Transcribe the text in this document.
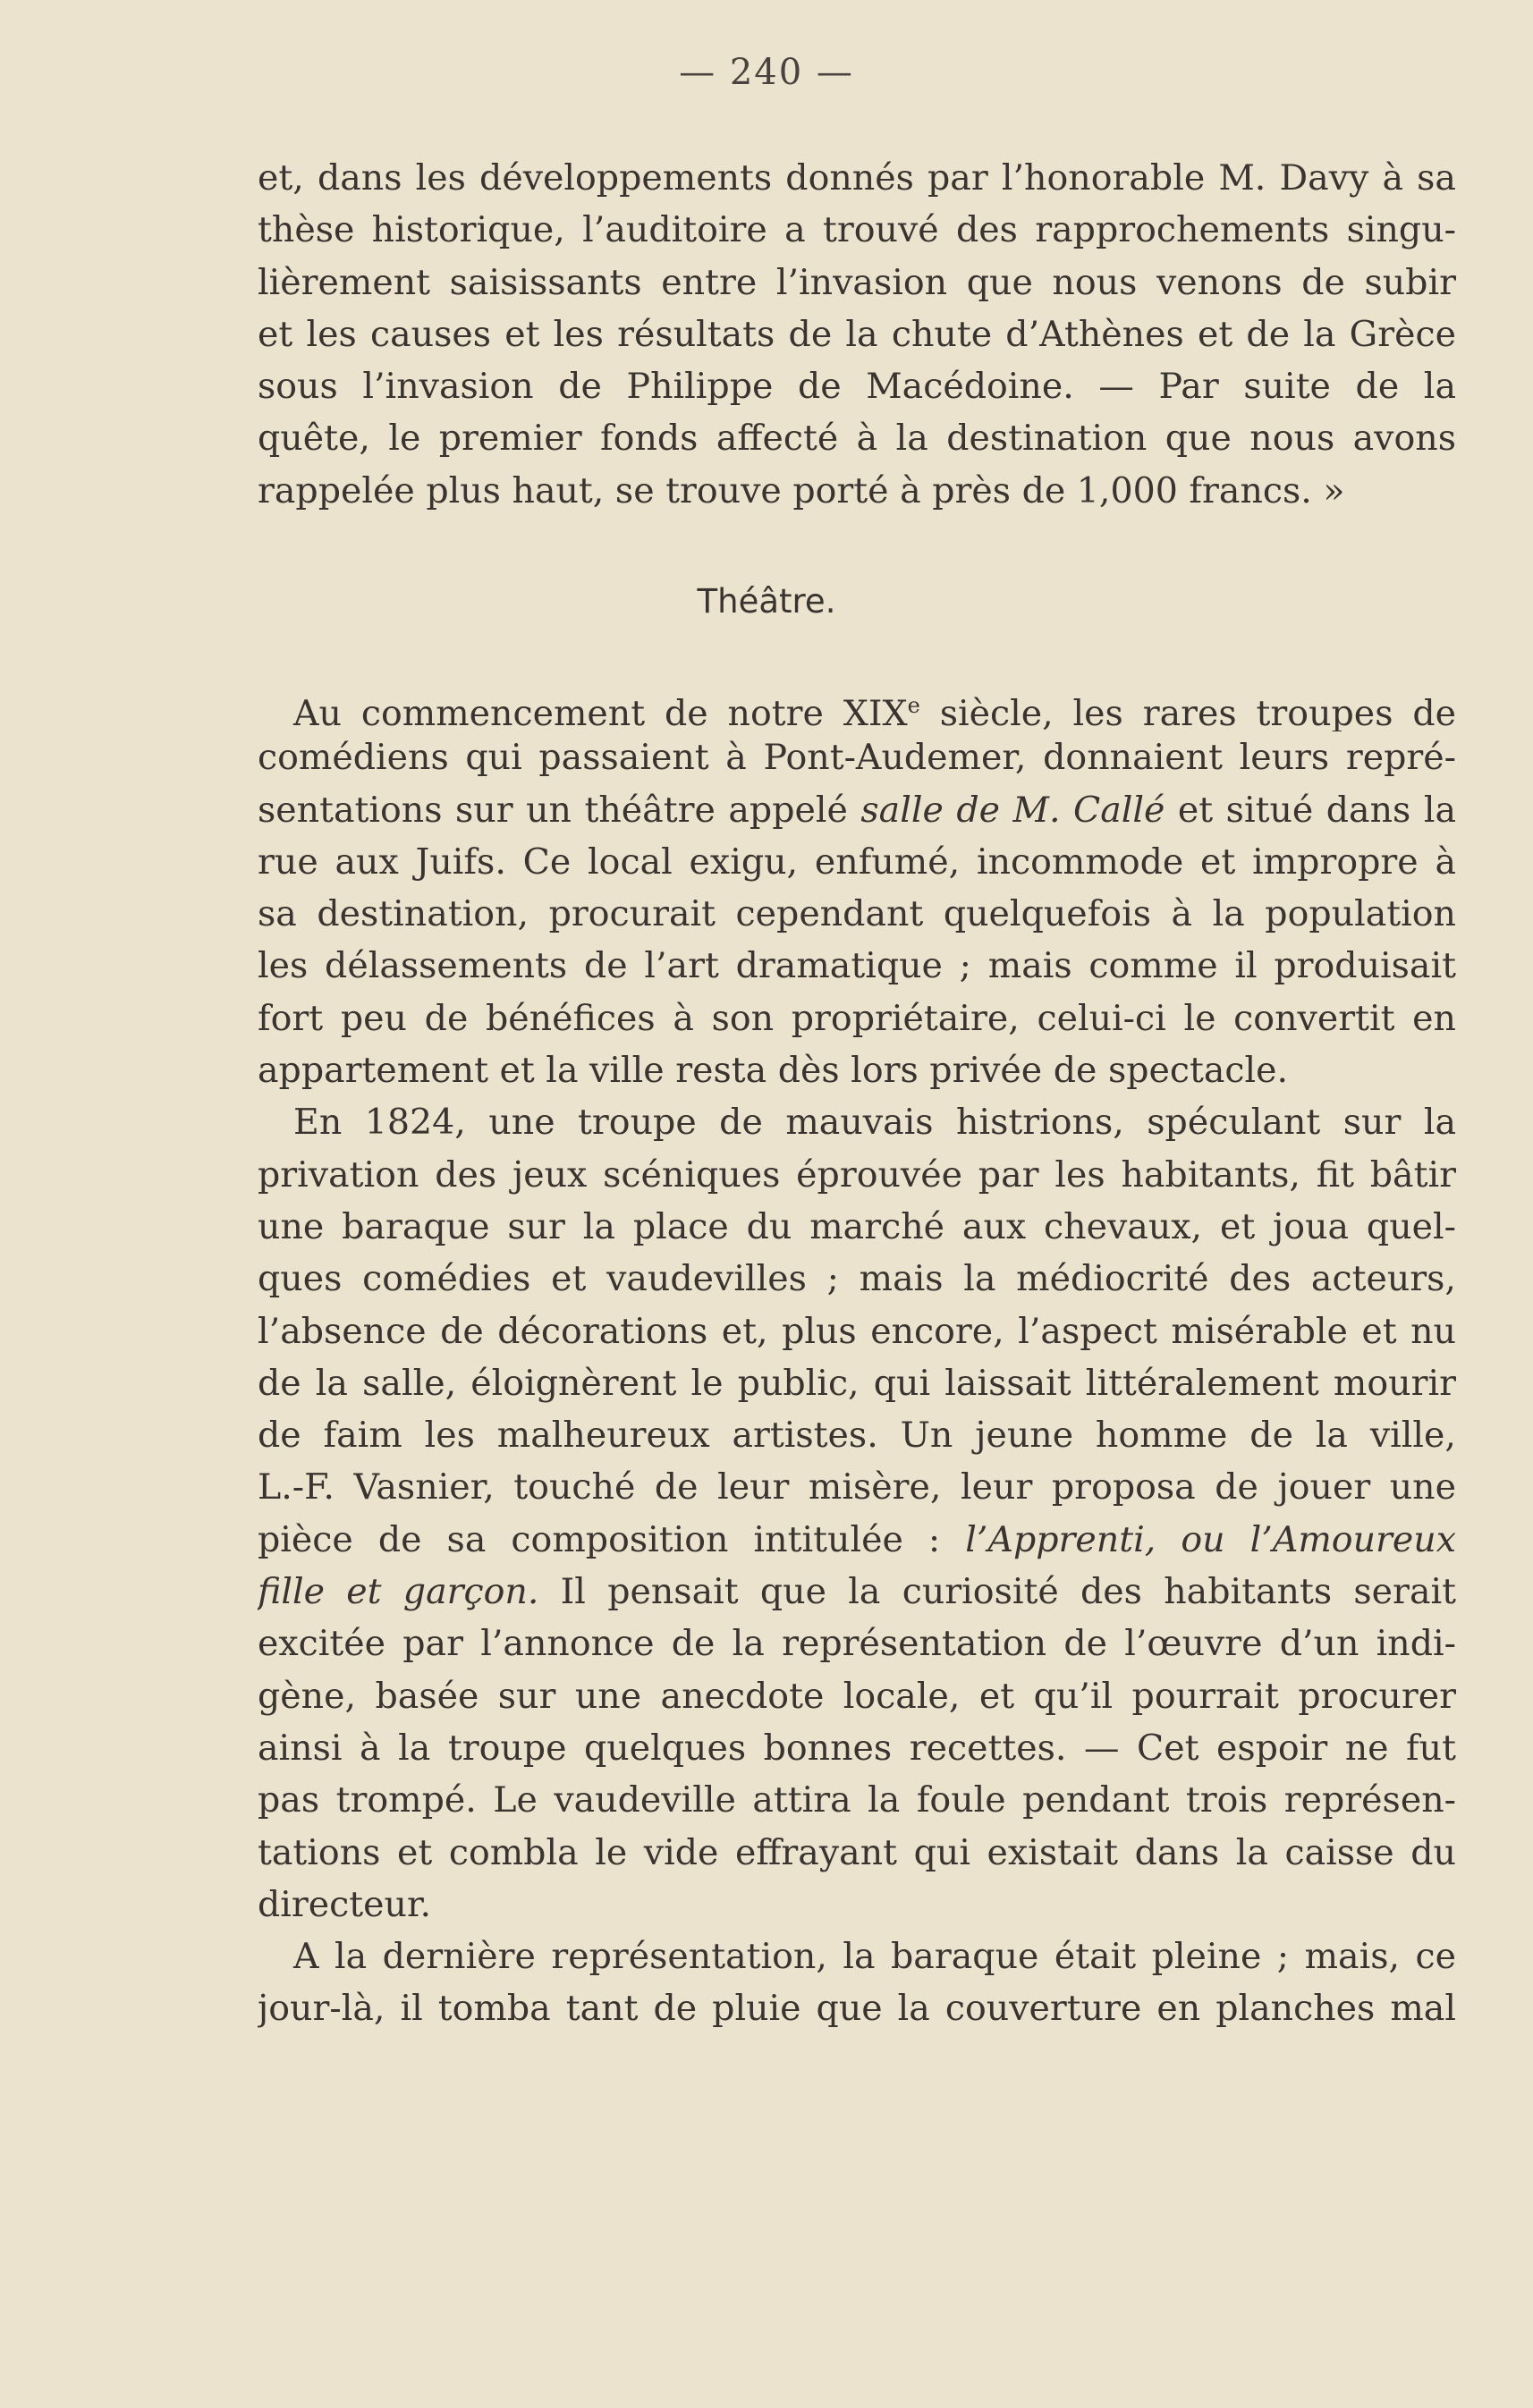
— 240 —
et, dans les développements donnés par l’honorable M. Davy à sa
thèse historique, l’auditoire a trouvé des rapprochements singu-
lièrement saisissants entre l’invasion que nous venons de subir
et les causes et les résultats de la chute d’Athènes et de la Grèce
sous l’invasion de Philippe de Macédoine. — Par suite de la
quête, le premier fonds affecté à la destination que nous avons
rappelée plus haut, se trouve porté à près de 1,000 francs. »
Théâtre.
Au commencement de notre XIXe siècle, les rares troupes de
comédiens qui passaient à Pont-Audemer, donnaient leurs repré-
sentations sur un théâtre appelé salle de M. Callé et situé dans la
rue aux Juifs. Ce local exigu, enfumé, incommode et impropre à
sa destination, procurait cependant quelquefois à la population
les délassements de l’art dramatique ; mais comme il produisait
fort peu de bénéfices à son propriétaire, celui-ci le convertit en
appartement et la ville resta dès lors privée de spectacle.
En 1824, une troupe de mauvais histrions, spéculant sur la
privation des jeux scéniques éprouvée par les habitants, fit bâtir
une baraque sur la place du marché aux chevaux, et joua quel-
ques comédies et vaudevilles ; mais la médiocrité des acteurs,
l’absence de décorations et, plus encore, l’aspect misérable et nu
de la salle, éloignèrent le public, qui laissait littéralement mourir
de faim les malheureux artistes. Un jeune homme de la ville,
L.-F. Vasnier, touché de leur misère, leur proposa de jouer une
pièce de sa composition intitulée : l’Apprenti, ou l’Amoureux
fille et garçon. Il pensait que la curiosité des habitants serait
excitée par l’annonce de la représentation de l’œuvre d’un indi-
gène, basée sur une anecdote locale, et qu’il pourrait procurer
ainsi à la troupe quelques bonnes recettes. — Cet espoir ne fut
pas trompé. Le vaudeville attira la foule pendant trois représen-
tations et combla le vide effrayant qui existait dans la caisse du
directeur.
A la dernière représentation, la baraque était pleine ; mais, ce
jour-là, il tomba tant de pluie que la couverture en planches mal
